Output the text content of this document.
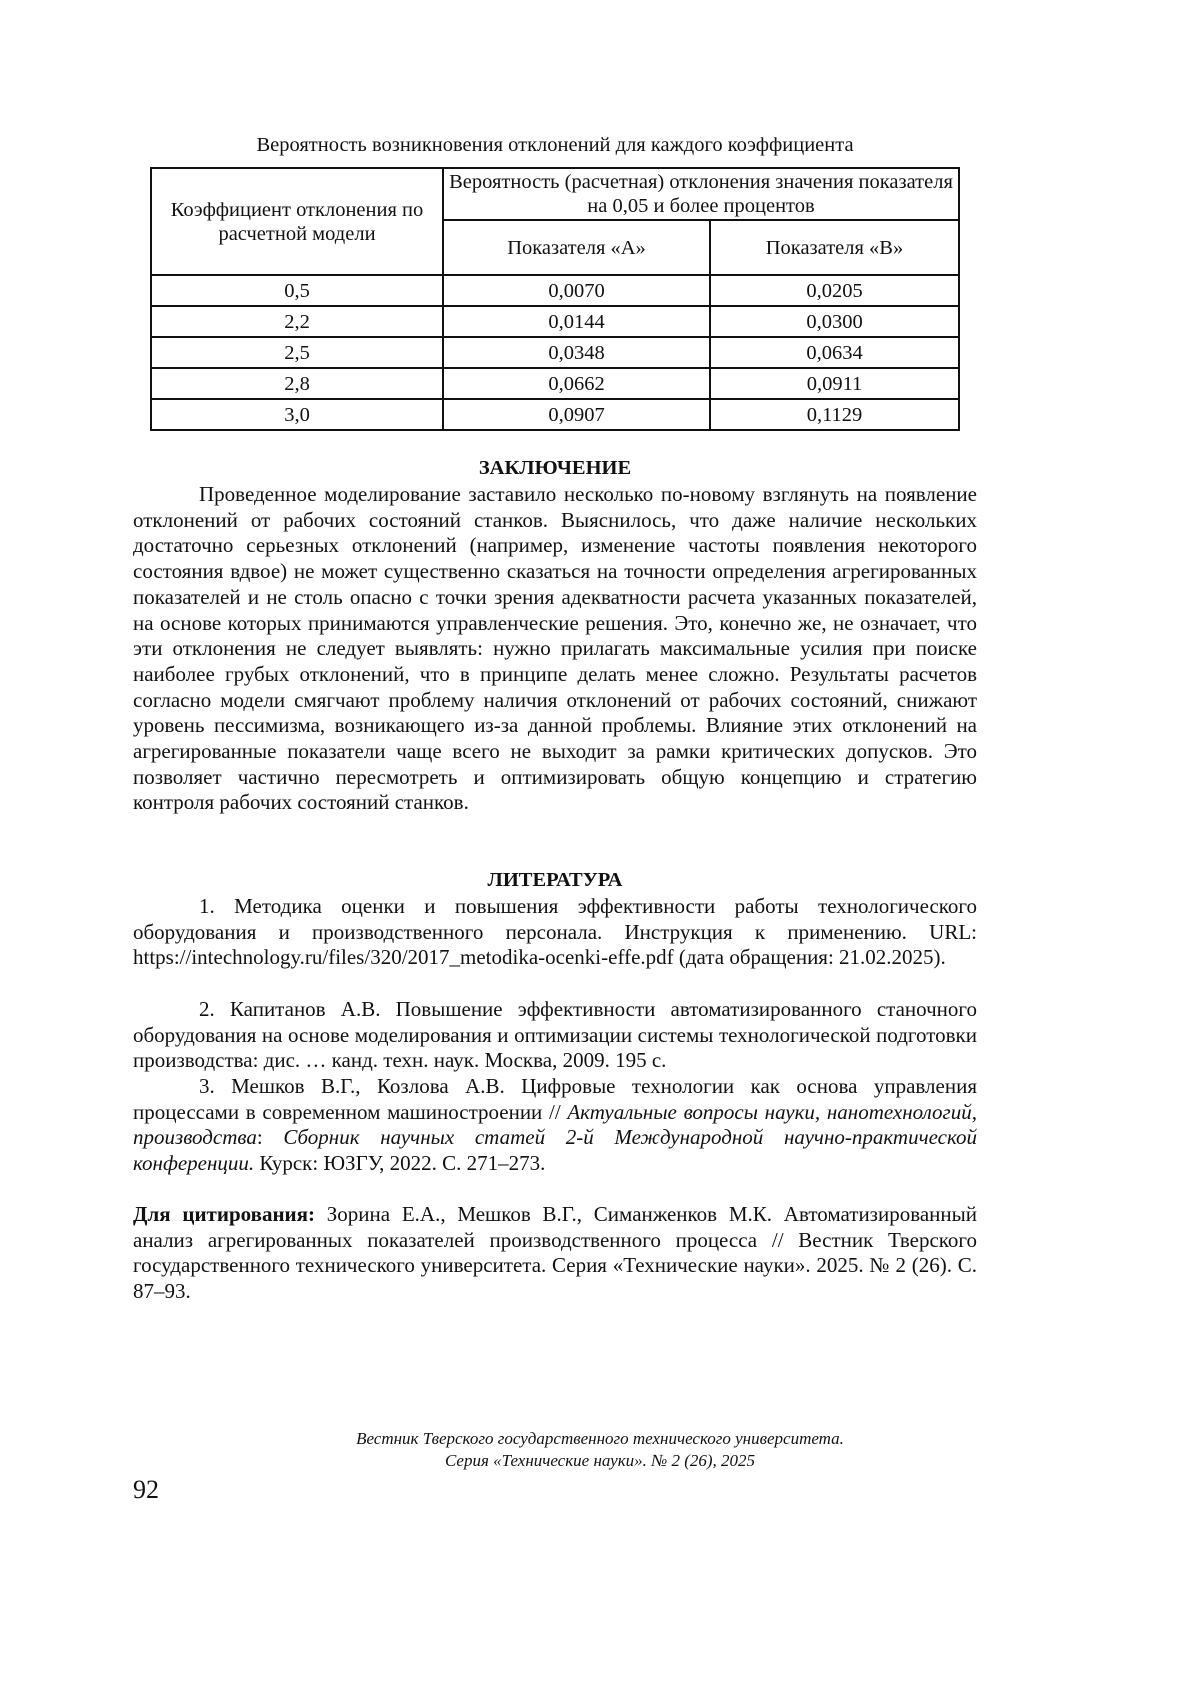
Вероятность возникновения отклонений для каждого коэффициента
Коэффициент отклонения по расчетной модели	Вероятность (расчетная) отклонения значения показателя на 0,05 и более процентов
Показателя «А»	Показателя «В»
0,5	0,0070	0,0205
2,2	0,0144	0,0300
2,5	0,0348	0,0634
2,8	0,0662	0,0911
3,0	0,0907	0,1129
ЗАКЛЮЧЕНИЕ

Проведенное моделирование заставило несколько по-новому взглянуть на появление отклонений от рабочих состояний станков. Выяснилось, что даже наличие нескольких достаточно серьезных отклонений (например, изменение частоты появления некоторого состояния вдвое) не может существенно сказаться на точности определения агрегированных показателей и не столь опасно с точки зрения адекватности расчета указанных показателей, на основе которых принимаются управленческие решения. Это, конечно же, не означает, что эти отклонения не следует выявлять: нужно прилагать максимальные усилия при поиске наиболее грубых отклонений, что в принципе делать менее сложно. Результаты расчетов согласно модели смягчают проблему наличия отклонений от рабочих состояний, снижают уровень пессимизма, возникающего из-за данной проблемы. Влияние этих отклонений на агрегированные показатели чаще всего не выходит за рамки критических допусков. Это позволяет частично пересмотреть и оптимизировать общую концепцию и стратегию контроля рабочих состояний станков.

ЛИТЕРАТУРА

1. Методика оценки и повышения эффективности работы технологического оборудования и производственного персонала. Инструкция к применению. URL: https://intechnology.ru/files/320/2017_metodika-ocenki-effe.pdf (дата обращения: 21.02.2025).

2. Капитанов А.В. Повышение эффективности автоматизированного станочного оборудования на основе моделирования и оптимизации системы технологической подготовки производства: дис. … канд. техн. наук. Москва, 2009. 195 с.

3. Мешков В.Г., Козлова А.В. Цифровые технологии как основа управления процессами в современном машиностроении // Актуальные вопросы науки, нанотехнологий, производства: Сборник научных статей 2-й Международной научно-практической конференции. Курск: ЮЗГУ, 2022. С. 271–273.

Для цитирования: Зорина Е.А., Мешков В.Г., Симанженков М.К. Автоматизированный анализ агрегированных показателей производственного процесса // Вестник Тверского государственного технического университета. Серия «Технические науки». 2025. № 2 (26). С. 87–93.

Вестник Тверского государственного технического университета.
Серия «Технические науки». № 2 (26), 2025
92
